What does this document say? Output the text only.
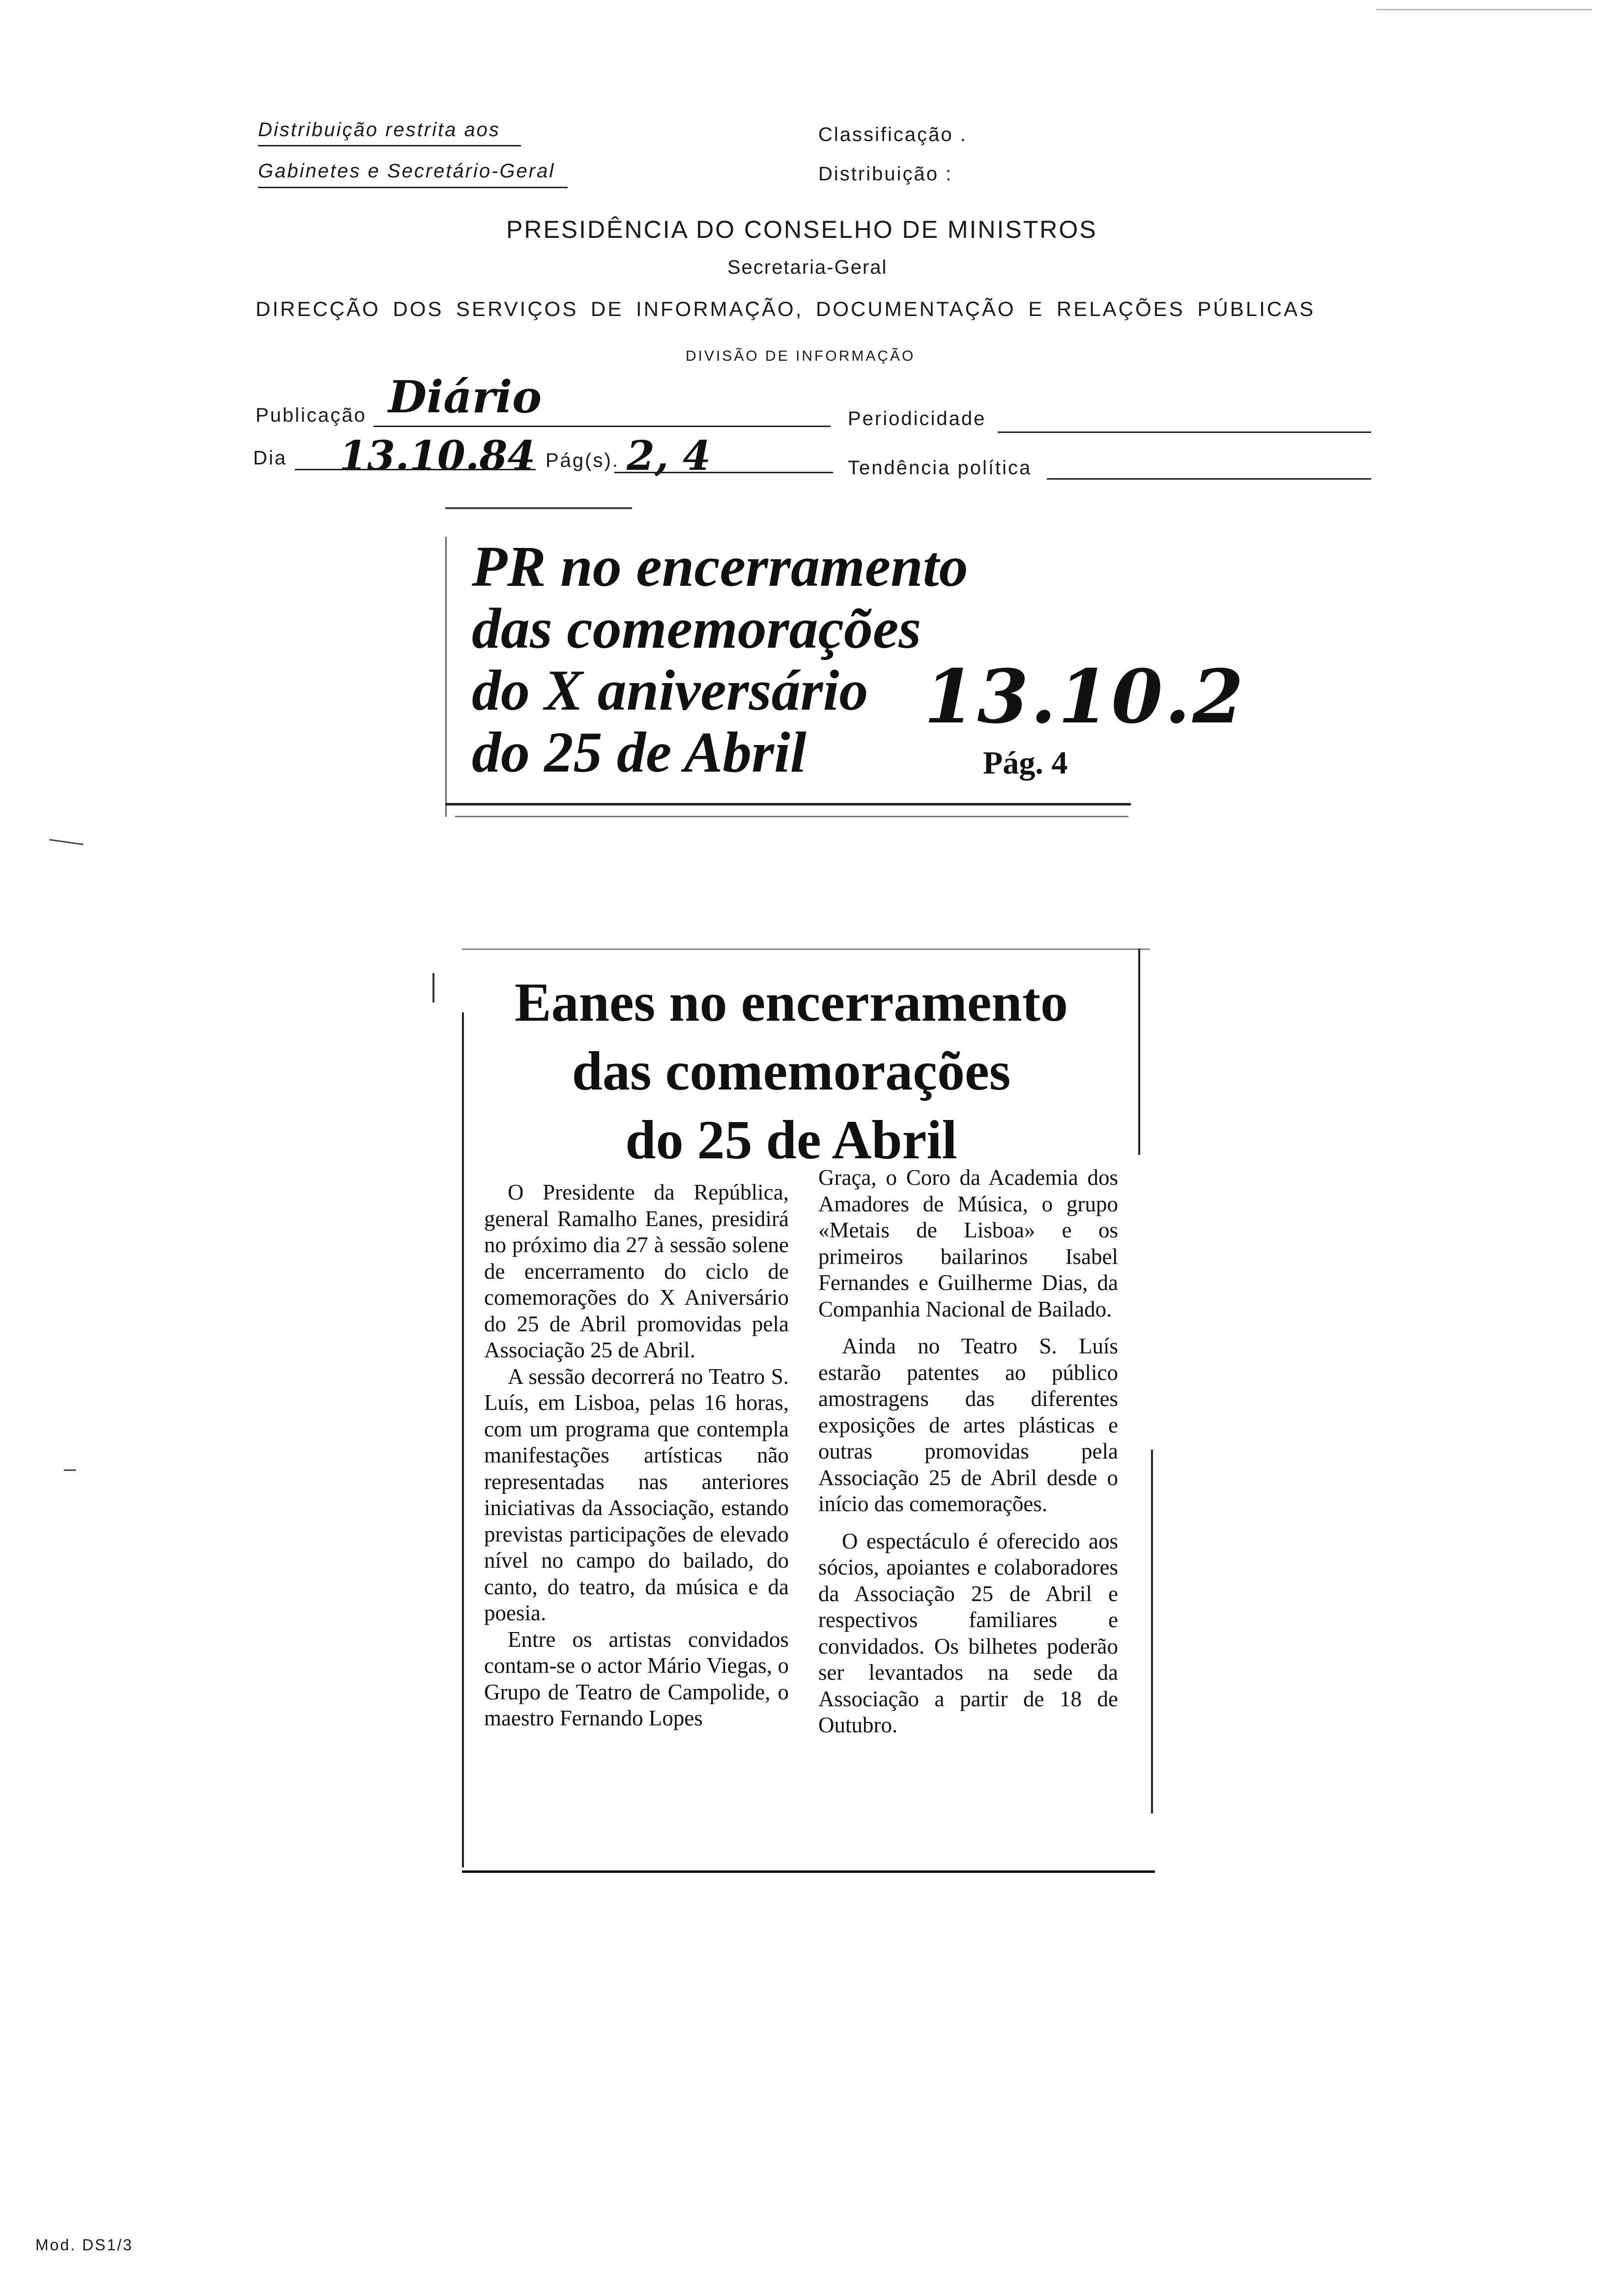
Distribuição restrita aos
Gabinetes e Secretário-Geral
Classificação .
Distribuição :
PRESIDÊNCIA DO CONSELHO DE MINISTROS
Secretaria-Geral
DIRECÇÃO DOS SERVIÇOS DE INFORMAÇÃO, DOCUMENTAÇÃO E RELAÇÕES PÚBLICAS
DIVISÃO DE INFORMAÇÃO
Publicação Diário	Periodicidade
Dia 13.10.84 Pág(s). 2, 4	Tendência política
PR no encerramento
das comemorações
do X aniversário
do 25 de Abril	Pág. 4
13.10.2
Eanes no encerramento
das comemorações
do 25 de Abril

O Presidente da República, general Ramalho Eanes, presidirá no próximo dia 27 à sessão solene de encerramento do ciclo de comemorações do X Aniversário do 25 de Abril promovidas pela Associação 25 de Abril.

A sessão decorrerá no Teatro S. Luís, em Lisboa, pelas 16 horas, com um programa que contempla manifestações artísticas não representadas nas anteriores iniciativas da Associação, estando previstas participações de elevado nível no campo do bailado, do canto, do teatro, da música e da poesia.

Entre os artistas convidados contam-se o actor Mário Viegas, o Grupo de Teatro de Campolide, o maestro Fernando Lopes

Graça, o Coro da Academia dos Amadores de Música, o grupo «Metais de Lisboa» e os primeiros bailarinos Isabel Fernandes e Guilherme Dias, da Companhia Nacional de Bailado.

Ainda no Teatro S. Luís estarão patentes ao público amostragens das diferentes exposições de artes plásticas e outras promovidas pela Associação 25 de Abril desde o início das comemorações.

O espectáculo é oferecido aos sócios, apoiantes e colaboradores da Associação 25 de Abril e respectivos familiares e convidados. Os bilhetes poderão ser levantados na sede da Associação a partir de 18 de Outubro.

Mod. DS1/3
